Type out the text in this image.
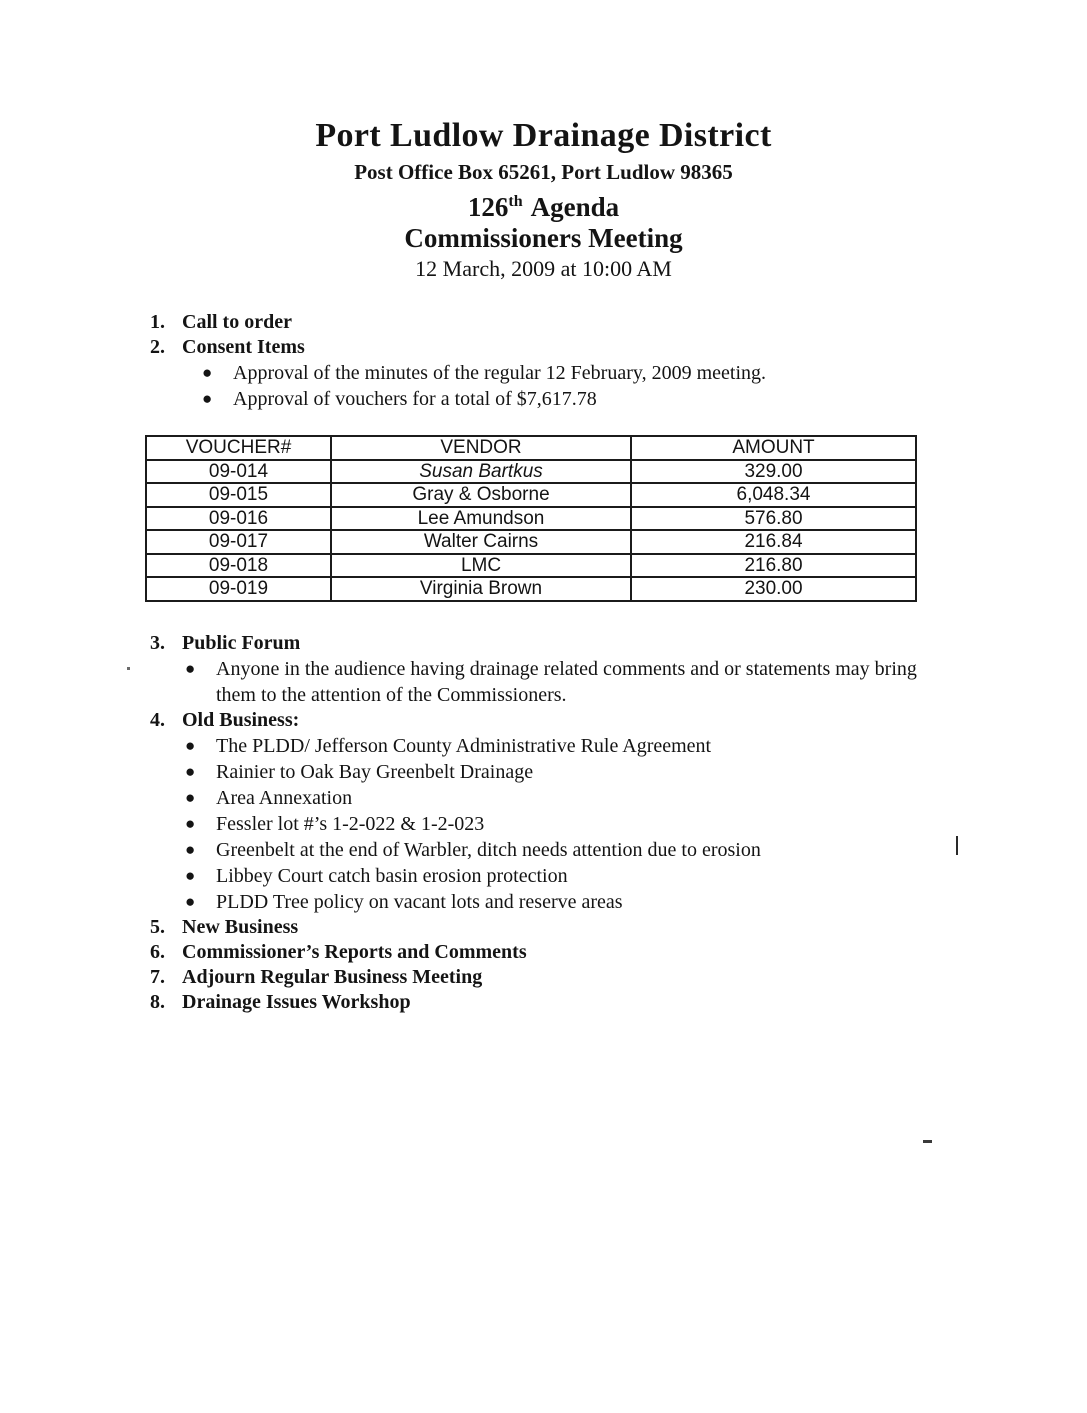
Port Ludlow Drainage District
Post Office Box 65261, Port Ludlow 98365
126th Agenda
Commissioners Meeting
12 March, 2009 at 10:00 AM
1. Call to order
2. Consent Items
●	Approval of the minutes of the regular 12 February, 2009 meeting.
●	Approval of vouchers for a total of $7,617.78
VOUCHER#	VENDOR	AMOUNT
09-014	Susan Bartkus	329.00
09-015	Gray & Osborne	6,048.34
09-016	Lee Amundson	576.80
09-017	Walter Cairns	216.84
09-018	LMC	216.80
09-019	Virginia Brown	230.00
3. Public Forum
●	Anyone in the audience having drainage related comments and or statements may bring them to the attention of the Commissioners.
4. Old Business:
●	The PLDD/ Jefferson County Administrative Rule Agreement
●	Rainier to Oak Bay Greenbelt Drainage
●	Area Annexation
●	Fessler lot #’s 1-2-022 & 1-2-023
●	Greenbelt at the end of Warbler, ditch needs attention due to erosion
●	Libbey Court catch basin erosion protection
●	PLDD Tree policy on vacant lots and reserve areas
5. New Business
6. Commissioner’s Reports and Comments
7. Adjourn Regular Business Meeting
8. Drainage Issues Workshop
